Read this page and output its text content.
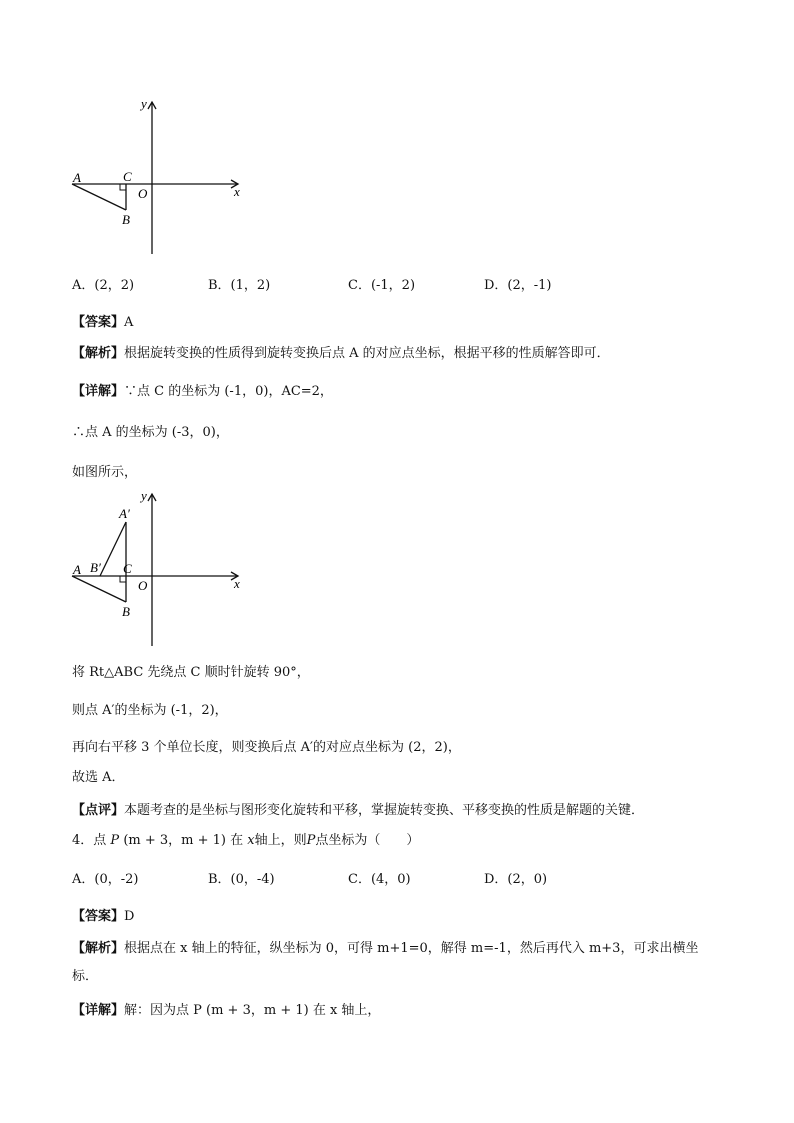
y
x
A	C
O
B
A．(2，2)	B．(1，2)	C．(-1，2)	D．(2，-1)
【答案】A
【解析】根据旋转变换的性质得到旋转变换后点 A 的对应点坐标，根据平移的性质解答即可．
【详解】∵点 C 的坐标为 (-1，0)，AC=2，
∴点 A 的坐标为 (-3，0)，
如图所示，
y
x
A′
B′
A	C
O
B
将 Rt△ABC 先绕点 C 顺时针旋转 90°，
则点 A′的坐标为 (-1，2)，
再向右平移 3 个单位长度，则变换后点 A′的对应点坐标为 (2，2)，
故选 A．
【点评】本题考查的是坐标与图形变化旋转和平移，掌握旋转变换、平移变换的性质是解题的关键．
4．点 P (m + 3，m + 1) 在 x轴上，则P点坐标为（　　）
A．(0，-2)	B．(0，-4)	C．(4，0)	D．(2，0)
【答案】D
【解析】根据点在 x 轴上的特征，纵坐标为 0，可得 m+1=0，解得 m=-1，然后再代入 m+3，可求出横坐
标．
【详解】解：因为点 P (m + 3，m + 1) 在 x 轴上，
